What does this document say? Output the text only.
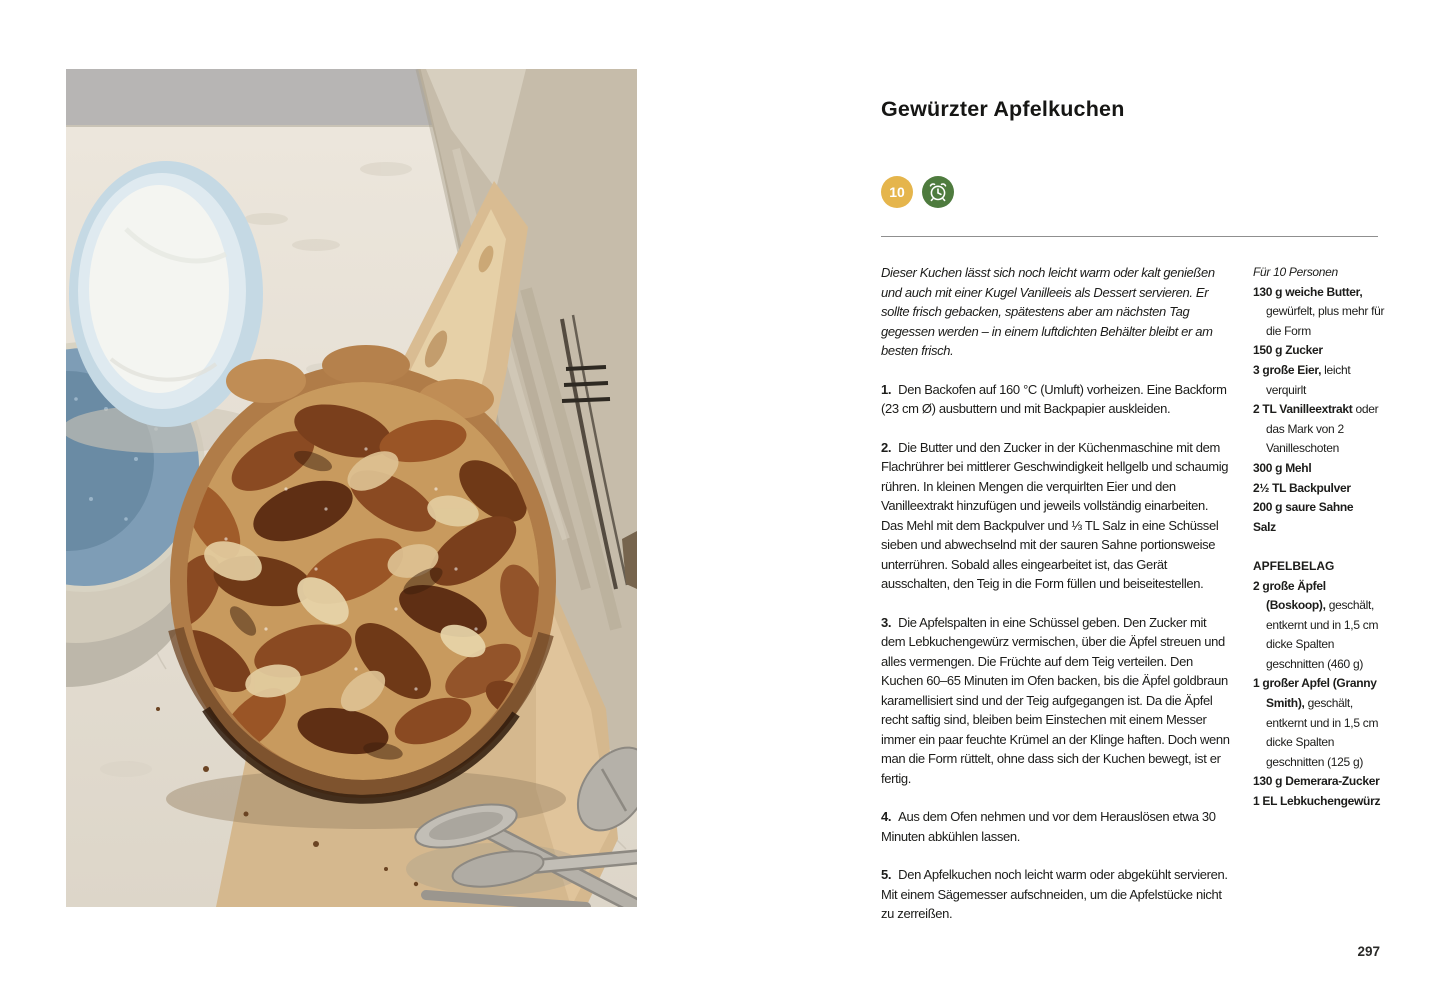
Gewürzter Apfelkuchen
10

Dieser Kuchen lässt sich noch leicht warm oder kalt genießen und auch mit einer Kugel Vanilleeis als Dessert servieren. Er sollte frisch gebacken, spätestens aber am nächsten Tag gegessen werden – in einem luftdichten Behälter bleibt er am besten frisch.

1. Den Backofen auf 160 °C (Umluft) vorheizen. Eine Backform (23 cm Ø) ausbuttern und mit Backpapier auskleiden.

2. Die Butter und den Zucker in der Küchenmaschine mit dem Flachrührer bei mittlerer Geschwindigkeit hellgelb und schaumig rühren. In kleinen Mengen die verquirlten Eier und den Vanilleextrakt hinzufügen und jeweils vollständig einarbeiten. Das Mehl mit dem Backpulver und ⅓ TL Salz in eine Schüssel sieben und abwechselnd mit der sauren Sahne portionsweise unterrühren. Sobald alles eingearbeitet ist, das Gerät ausschalten, den Teig in die Form füllen und beiseitestellen.

3. Die Apfelspalten in eine Schüssel geben. Den Zucker mit dem Lebkuchengewürz vermischen, über die Äpfel streuen und alles vermengen. Die Früchte auf dem Teig verteilen. Den Kuchen 60–65 Minuten im Ofen backen, bis die Äpfel goldbraun karamellisiert sind und der Teig aufgegangen ist. Da die Äpfel recht saftig sind, bleiben beim Einstechen mit einem Messer immer ein paar feuchte Krümel an der Klinge haften. Doch wenn man die Form rüttelt, ohne dass sich der Kuchen bewegt, ist er fertig.

4. Aus dem Ofen nehmen und vor dem Herauslösen etwa 30 Minuten abkühlen lassen.

5. Den Apfelkuchen noch leicht warm oder abgekühlt servieren. Mit einem Sägemesser aufschneiden, um die Apfelstücke nicht zu zerreißen.

Für 10 Personen

130 g weiche Butter, gewürfelt, plus mehr für die Form
150 g Zucker
3 große Eier, leicht verquirlt
2 TL Vanilleextrakt oder das Mark von 2 Vanilleschoten
300 g Mehl
2½ TL Backpulver
200 g saure Sahne
Salz

APFELBELAG

2 große Äpfel (Boskoop), geschält, entkernt und in 1,5 cm dicke Spalten geschnitten (460 g)
1 großer Apfel (Granny Smith), geschält, entkernt und in 1,5 cm dicke Spalten geschnitten (125 g)
130 g Demerara-Zucker
1 EL Lebkuchengewürz
297
